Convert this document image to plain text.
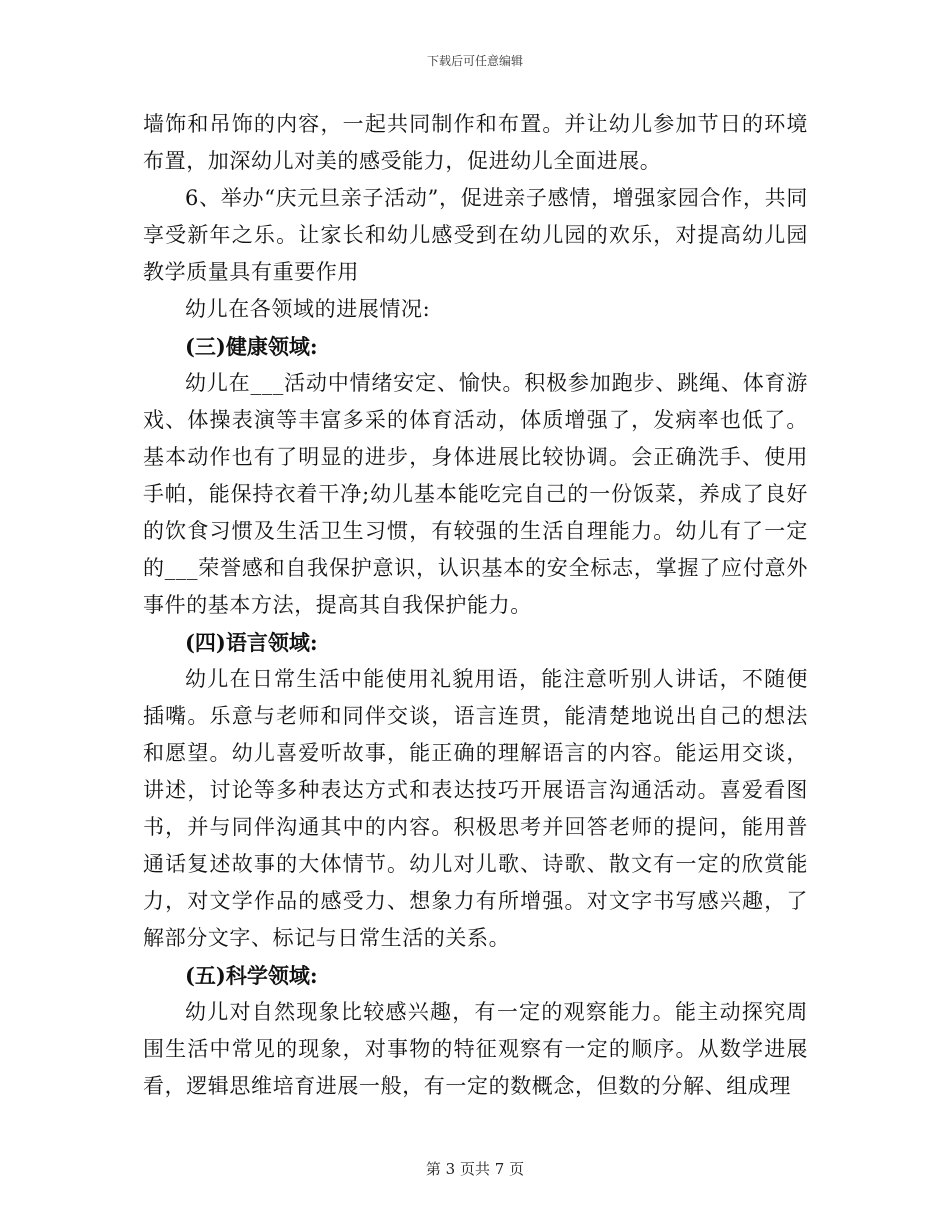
下载后可任意编辑

墙饰和吊饰的内容，一起共同制作和布置。并让幼儿参加节日的环境布置，加深幼儿对美的感受能力，促进幼儿全面进展。

6、举办“庆元旦亲子活动”，促进亲子感情，增强家园合作，共同享受新年之乐。让家长和幼儿感受到在幼儿园的欢乐，对提高幼儿园教学质量具有重要作用

幼儿在各领域的进展情况:

(三)健康领域:

幼儿在___活动中情绪安定、愉快。积极参加跑步、跳绳、体育游戏、体操表演等丰富多采的体育活动，体质增强了，发病率也低了。基本动作也有了明显的进步，身体进展比较协调。会正确洗手、使用手帕，能保持衣着干净;幼儿基本能吃完自己的一份饭菜，养成了良好的饮食习惯及生活卫生习惯，有较强的生活自理能力。幼儿有了一定的___荣誉感和自我保护意识，认识基本的安全标志，掌握了应付意外事件的基本方法，提高其自我保护能力。

(四)语言领域:

幼儿在日常生活中能使用礼貌用语，能注意听别人讲话，不随便插嘴。乐意与老师和同伴交谈，语言连贯，能清楚地说出自己的想法和愿望。幼儿喜爱听故事，能正确的理解语言的内容。能运用交谈，讲述，讨论等多种表达方式和表达技巧开展语言沟通活动。喜爱看图书，并与同伴沟通其中的内容。积极思考并回答老师的提问，能用普通话复述故事的大体情节。幼儿对儿歌、诗歌、散文有一定的欣赏能力，对文学作品的感受力、想象力有所增强。对文字书写感兴趣，了解部分文字、标记与日常生活的关系。

(五)科学领域:

幼儿对自然现象比较感兴趣，有一定的观察能力。能主动探究周围生活中常见的现象，对事物的特征观察有一定的顺序。从数学进展看，逻辑思维培育进展一般，有一定的数概念，但数的分解、组成理

第 3 页共 7 页
